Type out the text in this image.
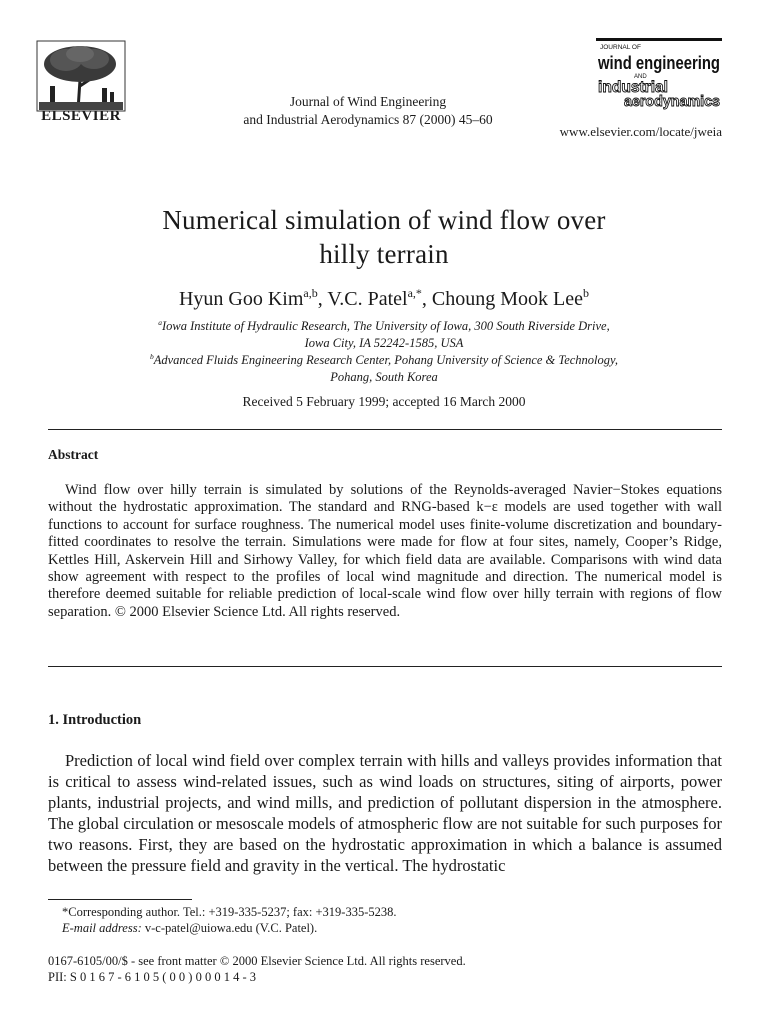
ELSEVIER
Journal of Wind Engineering
and Industrial Aerodynamics 87 (2000) 45–60
JOURNAL OF
wind engineering
AND
industrial
aerodynamics
www.elsevier.com/locate/jweia
Numerical simulation of wind flow over
hilly terrain
Hyun Goo Kim$^{a,b}$, V.C. Patel$^{a,*}$, Choung Mook Lee$^b$
$^a$Iowa Institute of Hydraulic Research, The University of Iowa, 300 South Riverside Drive,
Iowa City, IA 52242-1585, USA
$^b$Advanced Fluids Engineering Research Center, Pohang University of Science & Technology,
Pohang, South Korea
Received 5 February 1999; accepted 16 March 2000
Abstract
Wind flow over hilly terrain is simulated by solutions of the Reynolds-averaged Navier−Stokes equations without the hydrostatic approximation. The standard and RNG-based k−ε models are used together with wall functions to account for surface roughness. The numerical model uses finite-volume discretization and boundary-fitted coordinates to resolve the terrain. Simulations were made for flow at four sites, namely, Cooper’s Ridge, Kettles Hill, Askervein Hill and Sirhowy Valley, for which field data are available. Comparisons with wind data show agreement with respect to the profiles of local wind magnitude and direction. The numerical model is therefore deemed suitable for reliable prediction of local-scale wind flow over hilly terrain with regions of flow separation. © 2000 Elsevier Science Ltd. All rights reserved.
1. Introduction
Prediction of local wind field over complex terrain with hills and valleys provides information that is critical to assess wind-related issues, such as wind loads on structures, siting of airports, power plants, industrial projects, and wind mills, and prediction of pollutant dispersion in the atmosphere. The global circulation or mesoscale models of atmospheric flow are not suitable for such purposes for two reasons. First, they are based on the hydrostatic approximation in which a balance is assumed between the pressure field and gravity in the vertical. The hydrostatic
*Corresponding author. Tel.: +319-335-5237; fax: +319-335-5238.
E-mail address: v-c-patel@uiowa.edu (V.C. Patel).
0167-6105/00/$ - see front matter © 2000 Elsevier Science Ltd. All rights reserved.
PII: S 0 1 6 7 - 6 1 0 5 ( 0 0 ) 0 0 0 1 4 - 3
